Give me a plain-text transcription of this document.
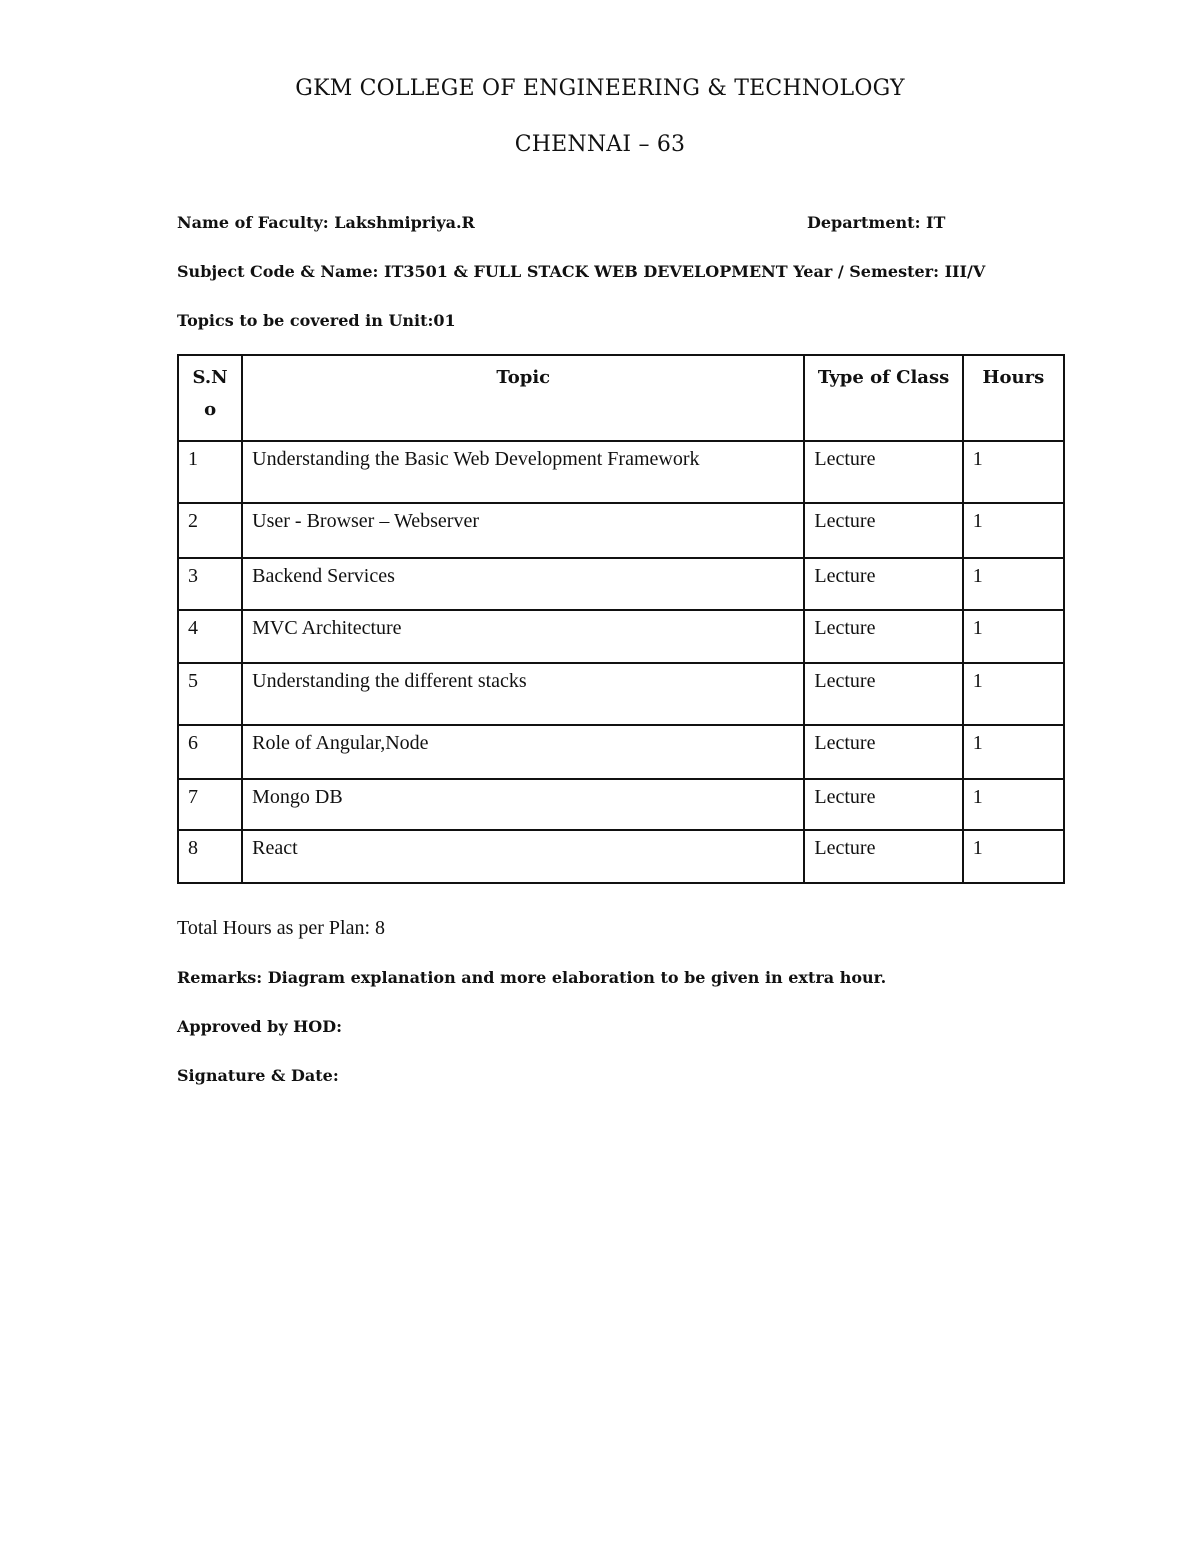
GKM COLLEGE OF ENGINEERING & TECHNOLOGY
CHENNAI – 63
Name of Faculty: Lakshmipriya.R	Department: IT
Subject Code & Name: IT3501 & FULL STACK WEB DEVELOPMENT Year / Semester: III/V
Topics to be covered in Unit:01
S.N
o	Topic	Type of Class	Hours
1	Understanding the Basic Web Development Framework	Lecture	1
2	User - Browser – Webserver	Lecture	1
3	Backend Services	Lecture	1
4	MVC Architecture	Lecture	1
5	Understanding the different stacks	Lecture	1
6	Role of Angular,Node	Lecture	1
7	Mongo DB	Lecture	1
8	React	Lecture	1
Total Hours as per Plan: 8
Remarks: Diagram explanation and more elaboration to be given in extra hour.
Approved by HOD:
Signature & Date:
